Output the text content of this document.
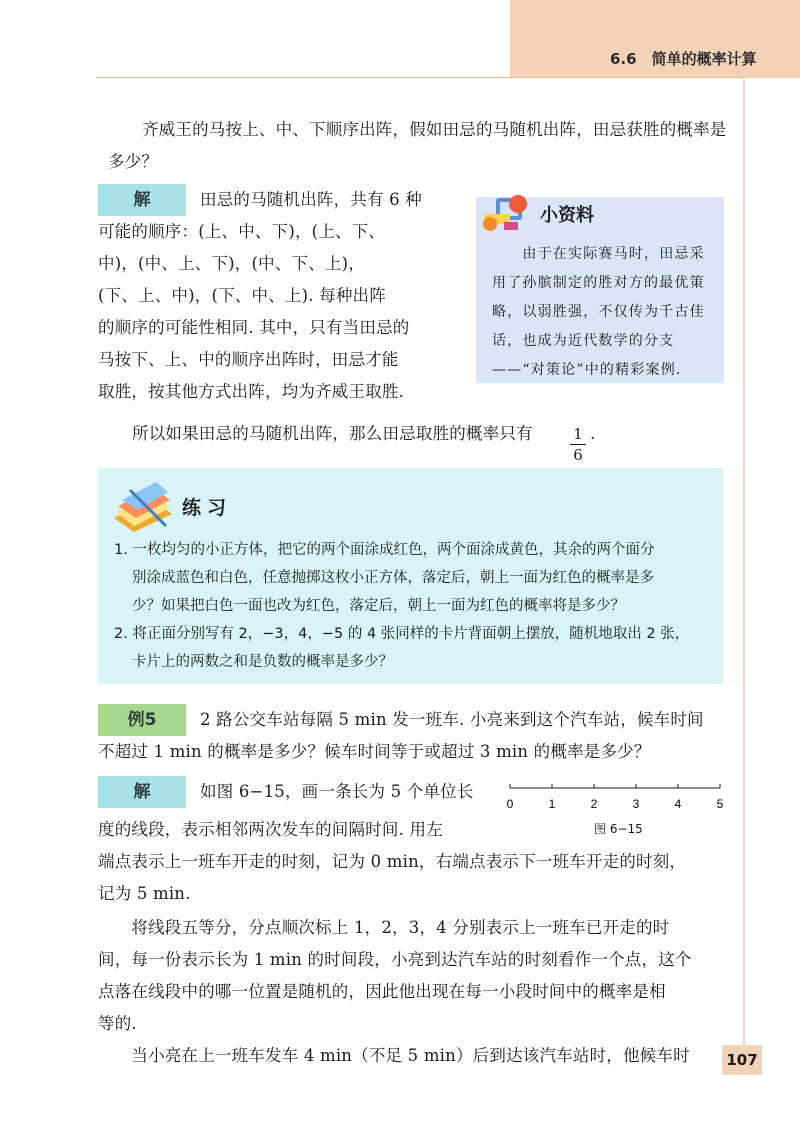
6.6　简单的概率计算
齐威王的马按上、中、下顺序出阵，假如田忌的马随机出阵，田忌获胜的概率是多少？
解	田忌的马随机出阵，共有 6 种
可能的顺序：(上、中、下)，(上、下、
中)，(中、上、下)，(中、下、上)，
(下、上、中)，(下、中、上). 每种出阵
的顺序的可能性相同. 其中，只有当田忌的
马按下、上、中的顺序出阵时，田忌才能
取胜，按其他方式出阵，均为齐威王取胜.
所以如果田忌的马随机出阵，那么田忌取胜的概率只有	1
6
.
小资料
　　由于在实际赛马时，田忌采用了孙膑制定的胜对方的最优策略，以弱胜强，不仅传为千古佳话，也成为近代数学的分支——“对策论”中的精彩案例.
练习
1. 一枚均匀的小正方体，把它的两个面涂成红色，两个面涂成黄色，其余的两个面分
别涂成蓝色和白色，任意抛掷这枚小正方体，落定后，朝上一面为红色的概率是多
少？如果把白色一面也改为红色，落定后，朝上一面为红色的概率将是多少？
2. 将正面分别写有 2，−3，4，−5 的 4 张同样的卡片背面朝上摆放，随机地取出 2 张，
卡片上的两数之和是负数的概率是多少？
例5	2 路公交车站每隔 5 min 发一班车. 小亮来到这个汽车站，候车时间
不超过 1 min 的概率是多少？候车时间等于或超过 3 min 的概率是多少？
解	如图 6−15，画一条长为 5 个单位长
度的线段，表示相邻两次发车的间隔时间. 用左
端点表示上一班车开走的时刻，记为 0 min，右端点表示下一班车开走的时刻，
记为 5 min.
　　将线段五等分，分点顺次标上 1，2，3，4 分别表示上一班车已开走的时
间，每一份表示长为 1 min 的时间段，小亮到达汽车站的时刻看作一个点，这个
点落在线段中的哪一位置是随机的，因此他出现在每一小段时间中的概率是相
等的.
　　当小亮在上一班车发车 4 min（不足 5 min）后到达该汽车站时，他候车时
0	1	2	3	4	5
图 6−15
107
